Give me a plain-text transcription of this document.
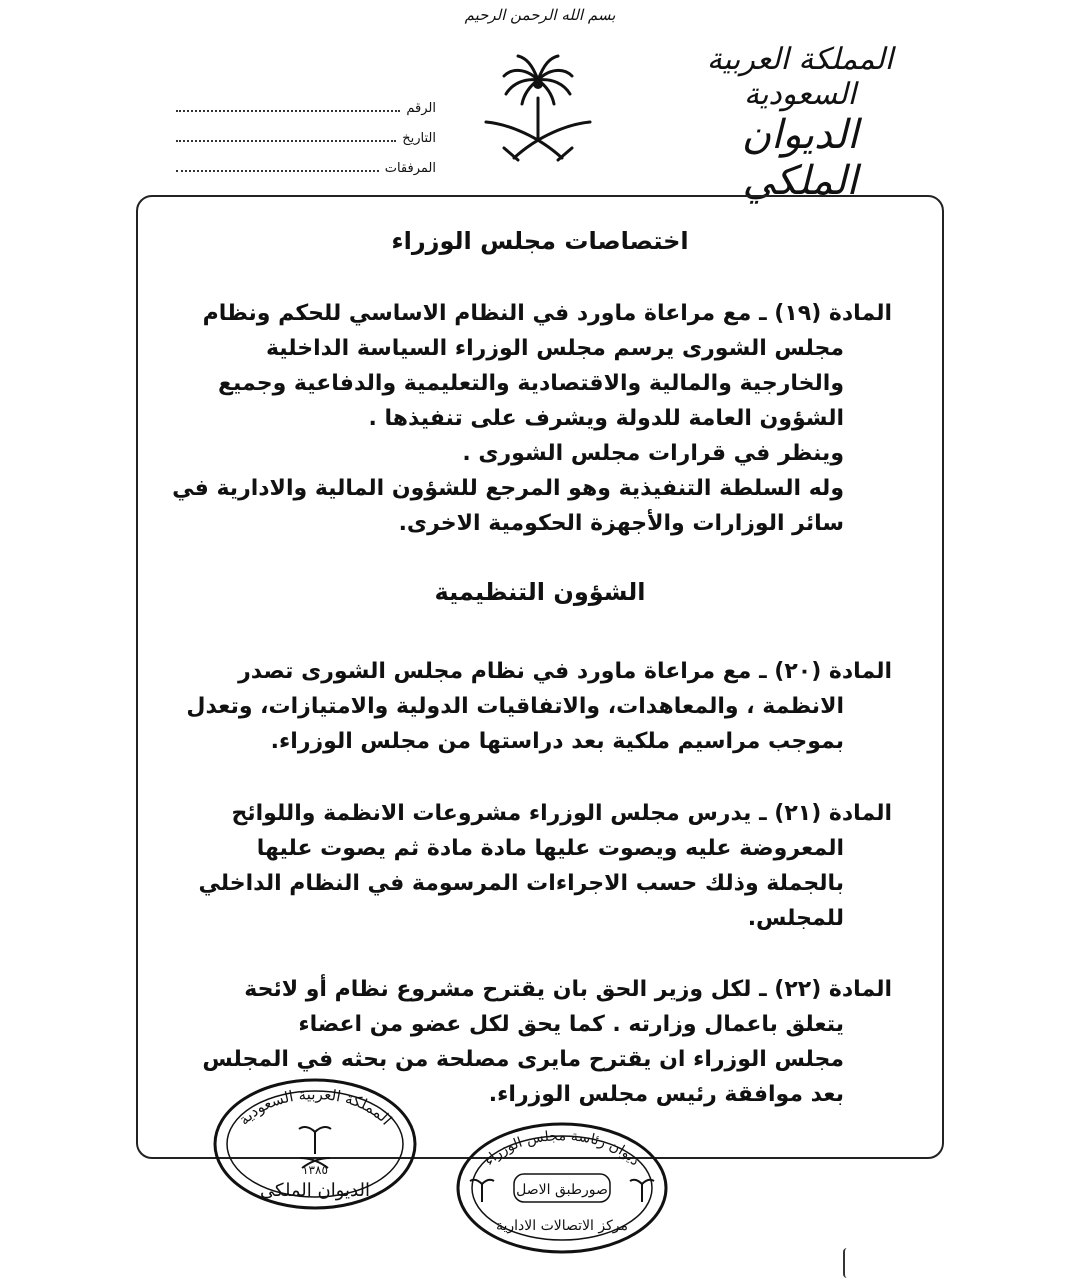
بسم الله الرحمن الرحيم
المملكة العربية السعودية
الديوان الملكي
الرقم
التاريخ
المرفقات
اختصاصات مجلس الوزراء
المادة (١٩) ـ مع مراعاة ماورد في النظام الاساسي للحكم ونظام
مجلس الشورى يرسم مجلس الوزراء السياسة الداخلية
والخارجية والمالية والاقتصادية والتعليمية والدفاعية وجميع
الشؤون العامة للدولة ويشرف على تنفيذها .
وينظر في قرارات مجلس الشورى .
وله السلطة التنفيذية وهو المرجع للشؤون المالية والادارية في
سائر الوزارات والأجهزة الحكومية الاخرى.
الشؤون التنظيمية
المادة (٢٠) ـ مع مراعاة ماورد في نظام مجلس الشورى تصدر
الانظمة ، والمعاهدات، والاتفاقيات الدولية والامتيازات، وتعدل
بموجب مراسيم ملكية بعد دراستها من مجلس الوزراء.
المادة (٢١) ـ يدرس مجلس الوزراء مشروعات الانظمة واللوائح
المعروضة عليه ويصوت عليها مادة مادة ثم يصوت عليها
بالجملة وذلك حسب الاجراءات المرسومة في النظام الداخلي
للمجلس.
المادة (٢٢) ـ لكل وزير الحق بان يقترح مشروع نظام أو لائحة
يتعلق باعمال وزارته . كما يحق لكل عضو من اعضاء
مجلس الوزراء ان يقترح مايرى مصلحة من بحثه في المجلس
بعد موافقة رئيس مجلس الوزراء.
المملكة العربية السعودية
١٣٨٥
الديوان الملكي
ديوان رئاسة مجلس الوزراء
صورطبق الاصل
مركز الاتصالات الادارية
